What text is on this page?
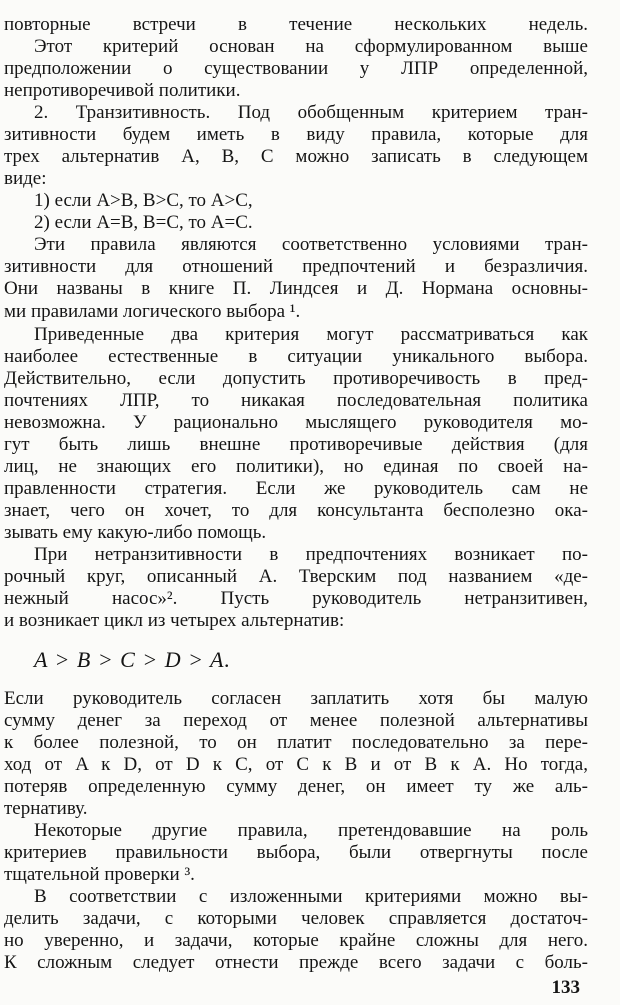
повторные встречи в течение нескольких недель.
Этот критерий основан на сформулированном выше
предположении о существовании у ЛПР определенной,
непротиворечивой политики.
2. Транзитивность. Под обобщенным критерием тран-
зитивности будем иметь в виду правила, которые для
трех альтернатив A, B, C можно записать в следующем
виде:
1) если A>B, B>C, то A>C,
2) если A=B, B=C, то A=C.
Эти правила являются соответственно условиями тран-
зитивности для отношений предпочтений и безразличия.
Они названы в книге П. Линдсея и Д. Нормана основны-
ми правилами логического выбора ¹.
Приведенные два критерия могут рассматриваться как
наиболее естественные в ситуации уникального выбора.
Действительно, если допустить противоречивость в пред-
почтениях ЛПР, то никакая последовательная политика
невозможна. У рационально мыслящего руководителя мо-
гут быть лишь внешне противоречивые действия (для
лиц, не знающих его политики), но единая по своей на-
правленности стратегия. Если же руководитель сам не
знает, чего он хочет, то для консультанта бесполезно ока-
зывать ему какую-либо помощь.
При нетранзитивности в предпочтениях возникает по-
рочный круг, описанный А. Тверским под названием «де-
нежный насос»². Пусть руководитель нетранзитивен,
и возникает цикл из четырех альтернатив:
A > B > C > D > A.
Если руководитель согласен заплатить хотя бы малую
сумму денег за переход от менее полезной альтернативы
к более полезной, то он платит последовательно за пере-
ход от A к D, от D к C, от C к B и от B к A. Но тогда,
потеряв определенную сумму денег, он имеет ту же аль-
тернативу.
Некоторые другие правила, претендовавшие на роль
критериев правильности выбора, были отвергнуты после
тщательной проверки ³.
В соответствии с изложенными критериями можно вы-
делить задачи, с которыми человек справляется достаточ-
но уверенно, и задачи, которые крайне сложны для него.
К сложным следует отнести прежде всего задачи с боль-
133
